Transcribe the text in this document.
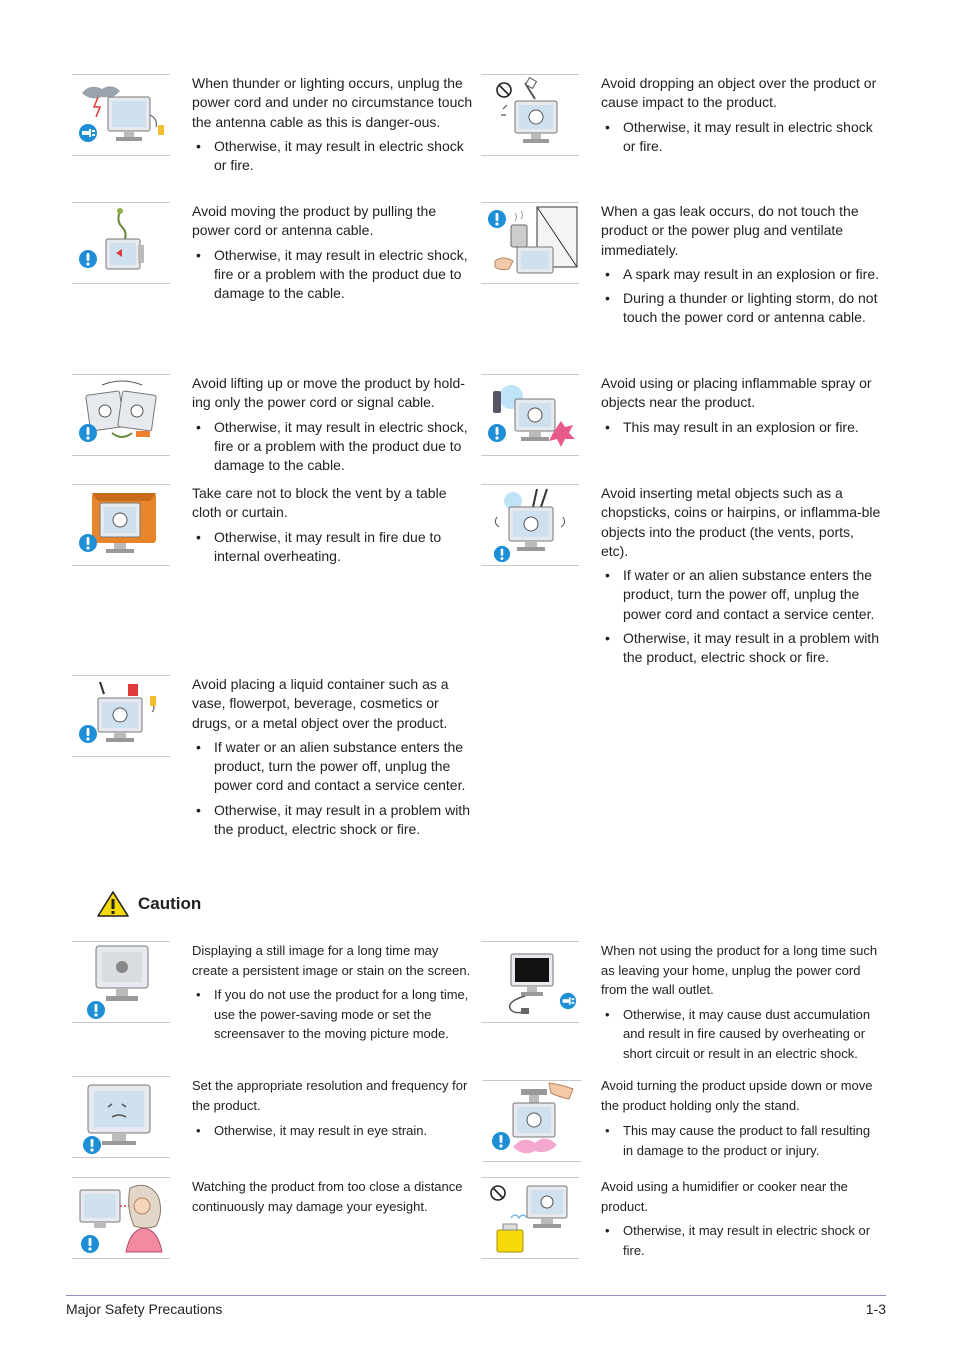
When thunder or lighting occurs, unplug the power cord and under no circumstance touch the antenna cable as this is danger-ous.

• Otherwise, it may result in electric shock or fire.

Avoid dropping an object over the product or cause impact to the product.

• Otherwise, it may result in electric shock or fire.

Avoid moving the product by pulling the power cord or antenna cable.

• Otherwise, it may result in electric shock, fire or a problem with the product due to damage to the cable.

When a gas leak occurs, do not touch the product or the power plug and ventilate immediately.

• A spark may result in an explosion or fire.
• During a thunder or lighting storm, do not touch the power cord or antenna cable.

Avoid lifting up or move the product by hold-ing only the power cord or signal cable.

• Otherwise, it may result in electric shock, fire or a problem with the product due to damage to the cable.

Avoid using or placing inflammable spray or objects near the product.

• This may result in an explosion or fire.

Take care not to block the vent by a table cloth or curtain.

• Otherwise, it may result in fire due to internal overheating.

Avoid inserting metal objects such as a chopsticks, coins or hairpins, or inflamma-ble objects into the product (the vents, ports, etc).

• If water or an alien substance enters the product, turn the power off, unplug the power cord and contact a service center.
• Otherwise, it may result in a problem with the product, electric shock or fire.

Avoid placing a liquid container such as a vase, flowerpot, beverage, cosmetics or drugs, or a metal object over the product.

• If water or an alien substance enters the product, turn the power off, unplug the power cord and contact a service center.
• Otherwise, it may result in a problem with the product, electric shock or fire.
Caution

Displaying a still image for a long time may create a persistent image or stain on the screen.

• If you do not use the product for a long time, use the power-saving mode or set the screensaver to the moving picture mode.

When not using the product for a long time such as leaving your home, unplug the power cord from the wall outlet.

• Otherwise, it may cause dust accumulation and result in fire caused by overheating or short circuit or result in an electric shock.

Set the appropriate resolution and frequency for the product.

• Otherwise, it may result in eye strain.

Avoid turning the product upside down or move the product holding only the stand.

• This may cause the product to fall resulting in damage to the product or injury.

Watching the product from too close a distance continuously may damage your eyesight.

Avoid using a humidifier or cooker near the product.

• Otherwise, it may result in electric shock or fire.
Major Safety Precautions	1-3
